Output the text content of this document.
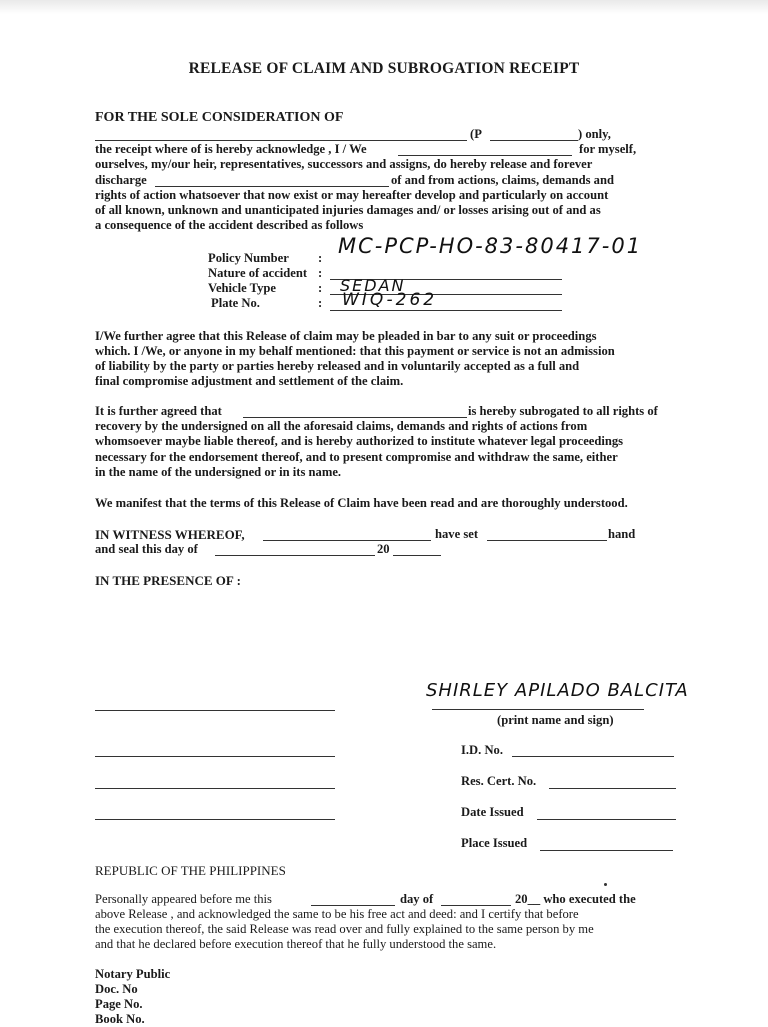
RELEASE OF CLAIM AND SUBROGATION RECEIPT
FOR THE SOLE CONSIDERATION OF
(P	) only,
the receipt where of is hereby acknowledge , I / We	for myself,
ourselves, my/our heir, representatives, successors and assigns, do hereby release and forever
discharge	of and from actions, claims, demands and
rights of action whatsoever that now exist or may hereafter develop and particularly on account
of all known, unknown and unanticipated injuries damages and/ or losses arising out of and as
a consequence of the accident described as follows
Policy Number : MC-PCP-HO-83-80417-01
Nature of accident :
Vehicle Type	: SEDAN
Plate No.	: WIQ-262
I/We further agree that this Release of claim may be pleaded in bar to any suit or proceedings
which. I /We, or anyone in my behalf mentioned: that this payment or service is not an admission
of liability by the party or parties hereby released and in voluntarily accepted as a full and
final compromise adjustment and settlement of the claim.
It is further agreed that	is hereby subrogated to all rights of
recovery by the undersigned on all the aforesaid claims, demands and rights of actions from
whomsoever maybe liable thereof, and is hereby authorized to institute whatever legal proceedings
necessary for the endorsement thereof, and to present compromise and withdraw the same, either
in the name of the undersigned or in its name.
We manifest that the terms of this Release of Claim have been read and are thoroughly understood.
IN WITNESS WHEREOF,	have set	hand
and seal this day of	20
IN THE PRESENCE OF :
SHIRLEY APILADO BALCITA
(print name and sign)
I.D. No.
Res. Cert. No.
Date Issued
Place Issued
REPUBLIC OF THE PHILIPPINES
Personally appeared before me this	day of	20__ who executed the
above Release , and acknowledged the same to be his free act and deed: and I certify that before
the execution thereof, the said Release was read over and fully explained to the same person by me
and that he declared before execution thereof that he fully understood the same.
Notary Public
Doc. No
Page No.
Book No.
